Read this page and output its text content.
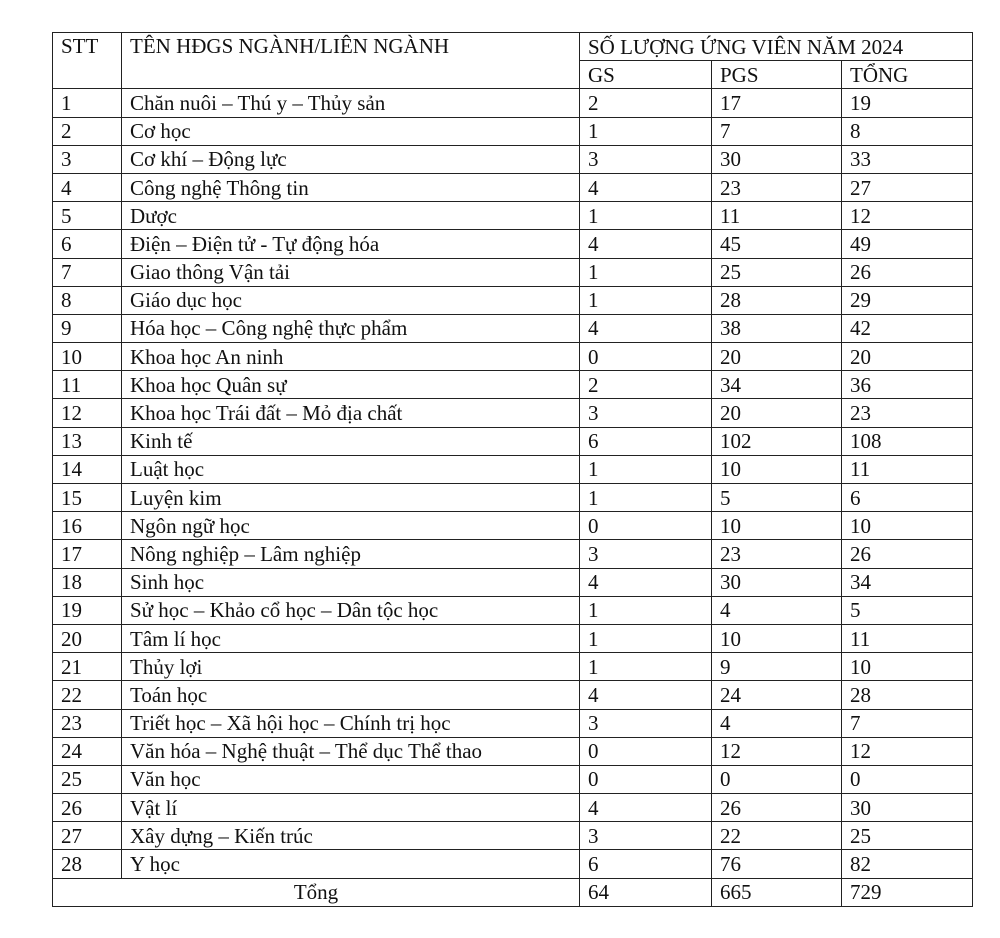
STT	TÊN HĐGS NGÀNH/LIÊN NGÀNH	SỐ LƯỢNG ỨNG VIÊN NĂM 2024		
		GS	PGS	TỔNG
1	Chăn nuôi – Thú y – Thủy sản	2	17	19
2	Cơ học	1	7	8
3	Cơ khí – Động lực	3	30	33
4	Công nghệ Thông tin	4	23	27
5	Dược	1	11	12
6	Điện – Điện tử - Tự động hóa	4	45	49
7	Giao thông Vận tải	1	25	26
8	Giáo dục học	1	28	29
9	Hóa học – Công nghệ thực phẩm	4	38	42
10	Khoa học An ninh	0	20	20
11	Khoa học Quân sự	2	34	36
12	Khoa học Trái đất – Mỏ địa chất	3	20	23
13	Kinh tế	6	102	108
14	Luật học	1	10	11
15	Luyện kim	1	5	6
16	Ngôn ngữ học	0	10	10
17	Nông nghiệp – Lâm nghiệp	3	23	26
18	Sinh học	4	30	34
19	Sử học – Khảo cổ học – Dân tộc học	1	4	5
20	Tâm lí học	1	10	11
21	Thủy lợi	1	9	10
22	Toán học	4	24	28
23	Triết học – Xã hội học – Chính trị học	3	4	7
24	Văn hóa – Nghệ thuật – Thể dục Thể thao	0	12	12
25	Văn học	0	0	0
26	Vật lí	4	26	30
27	Xây dựng – Kiến trúc	3	22	25
28	Y học	6	76	82
Tổng		64	665	729
